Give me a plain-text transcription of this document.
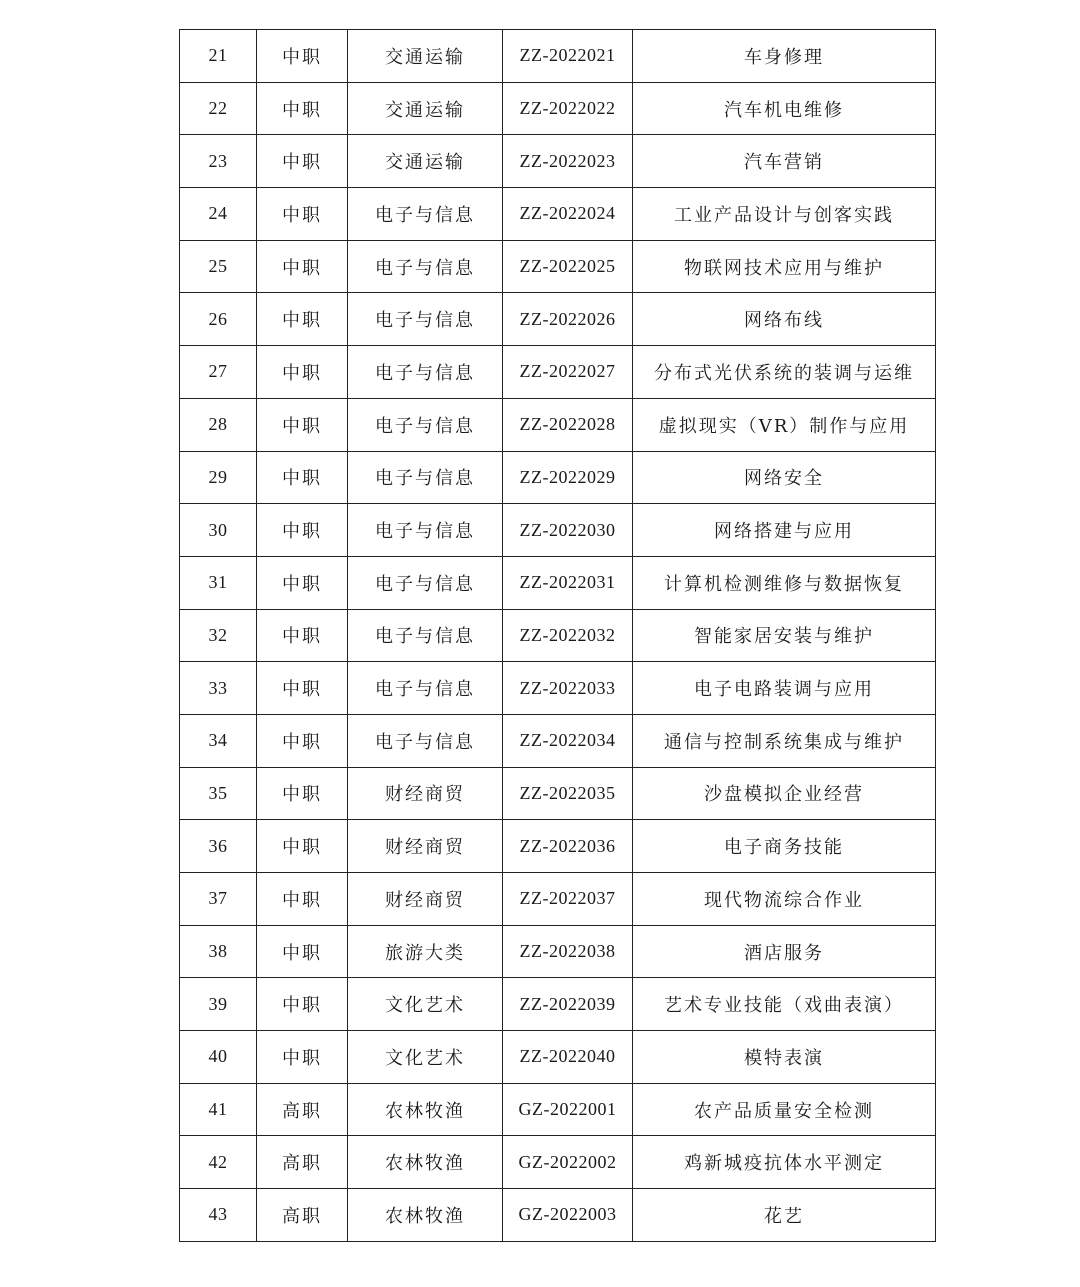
21	中职	交通运输	ZZ-2022021	车身修理
22	中职	交通运输	ZZ-2022022	汽车机电维修
23	中职	交通运输	ZZ-2022023	汽车营销
24	中职	电子与信息	ZZ-2022024	工业产品设计与创客实践
25	中职	电子与信息	ZZ-2022025	物联网技术应用与维护
26	中职	电子与信息	ZZ-2022026	网络布线
27	中职	电子与信息	ZZ-2022027	分布式光伏系统的装调与运维
28	中职	电子与信息	ZZ-2022028	虚拟现实（VR）制作与应用
29	中职	电子与信息	ZZ-2022029	网络安全
30	中职	电子与信息	ZZ-2022030	网络搭建与应用
31	中职	电子与信息	ZZ-2022031	计算机检测维修与数据恢复
32	中职	电子与信息	ZZ-2022032	智能家居安装与维护
33	中职	电子与信息	ZZ-2022033	电子电路装调与应用
34	中职	电子与信息	ZZ-2022034	通信与控制系统集成与维护
35	中职	财经商贸	ZZ-2022035	沙盘模拟企业经营
36	中职	财经商贸	ZZ-2022036	电子商务技能
37	中职	财经商贸	ZZ-2022037	现代物流综合作业
38	中职	旅游大类	ZZ-2022038	酒店服务
39	中职	文化艺术	ZZ-2022039	艺术专业技能（戏曲表演）
40	中职	文化艺术	ZZ-2022040	模特表演
41	高职	农林牧渔	GZ-2022001	农产品质量安全检测
42	高职	农林牧渔	GZ-2022002	鸡新城疫抗体水平测定
43	高职	农林牧渔	GZ-2022003	花艺
